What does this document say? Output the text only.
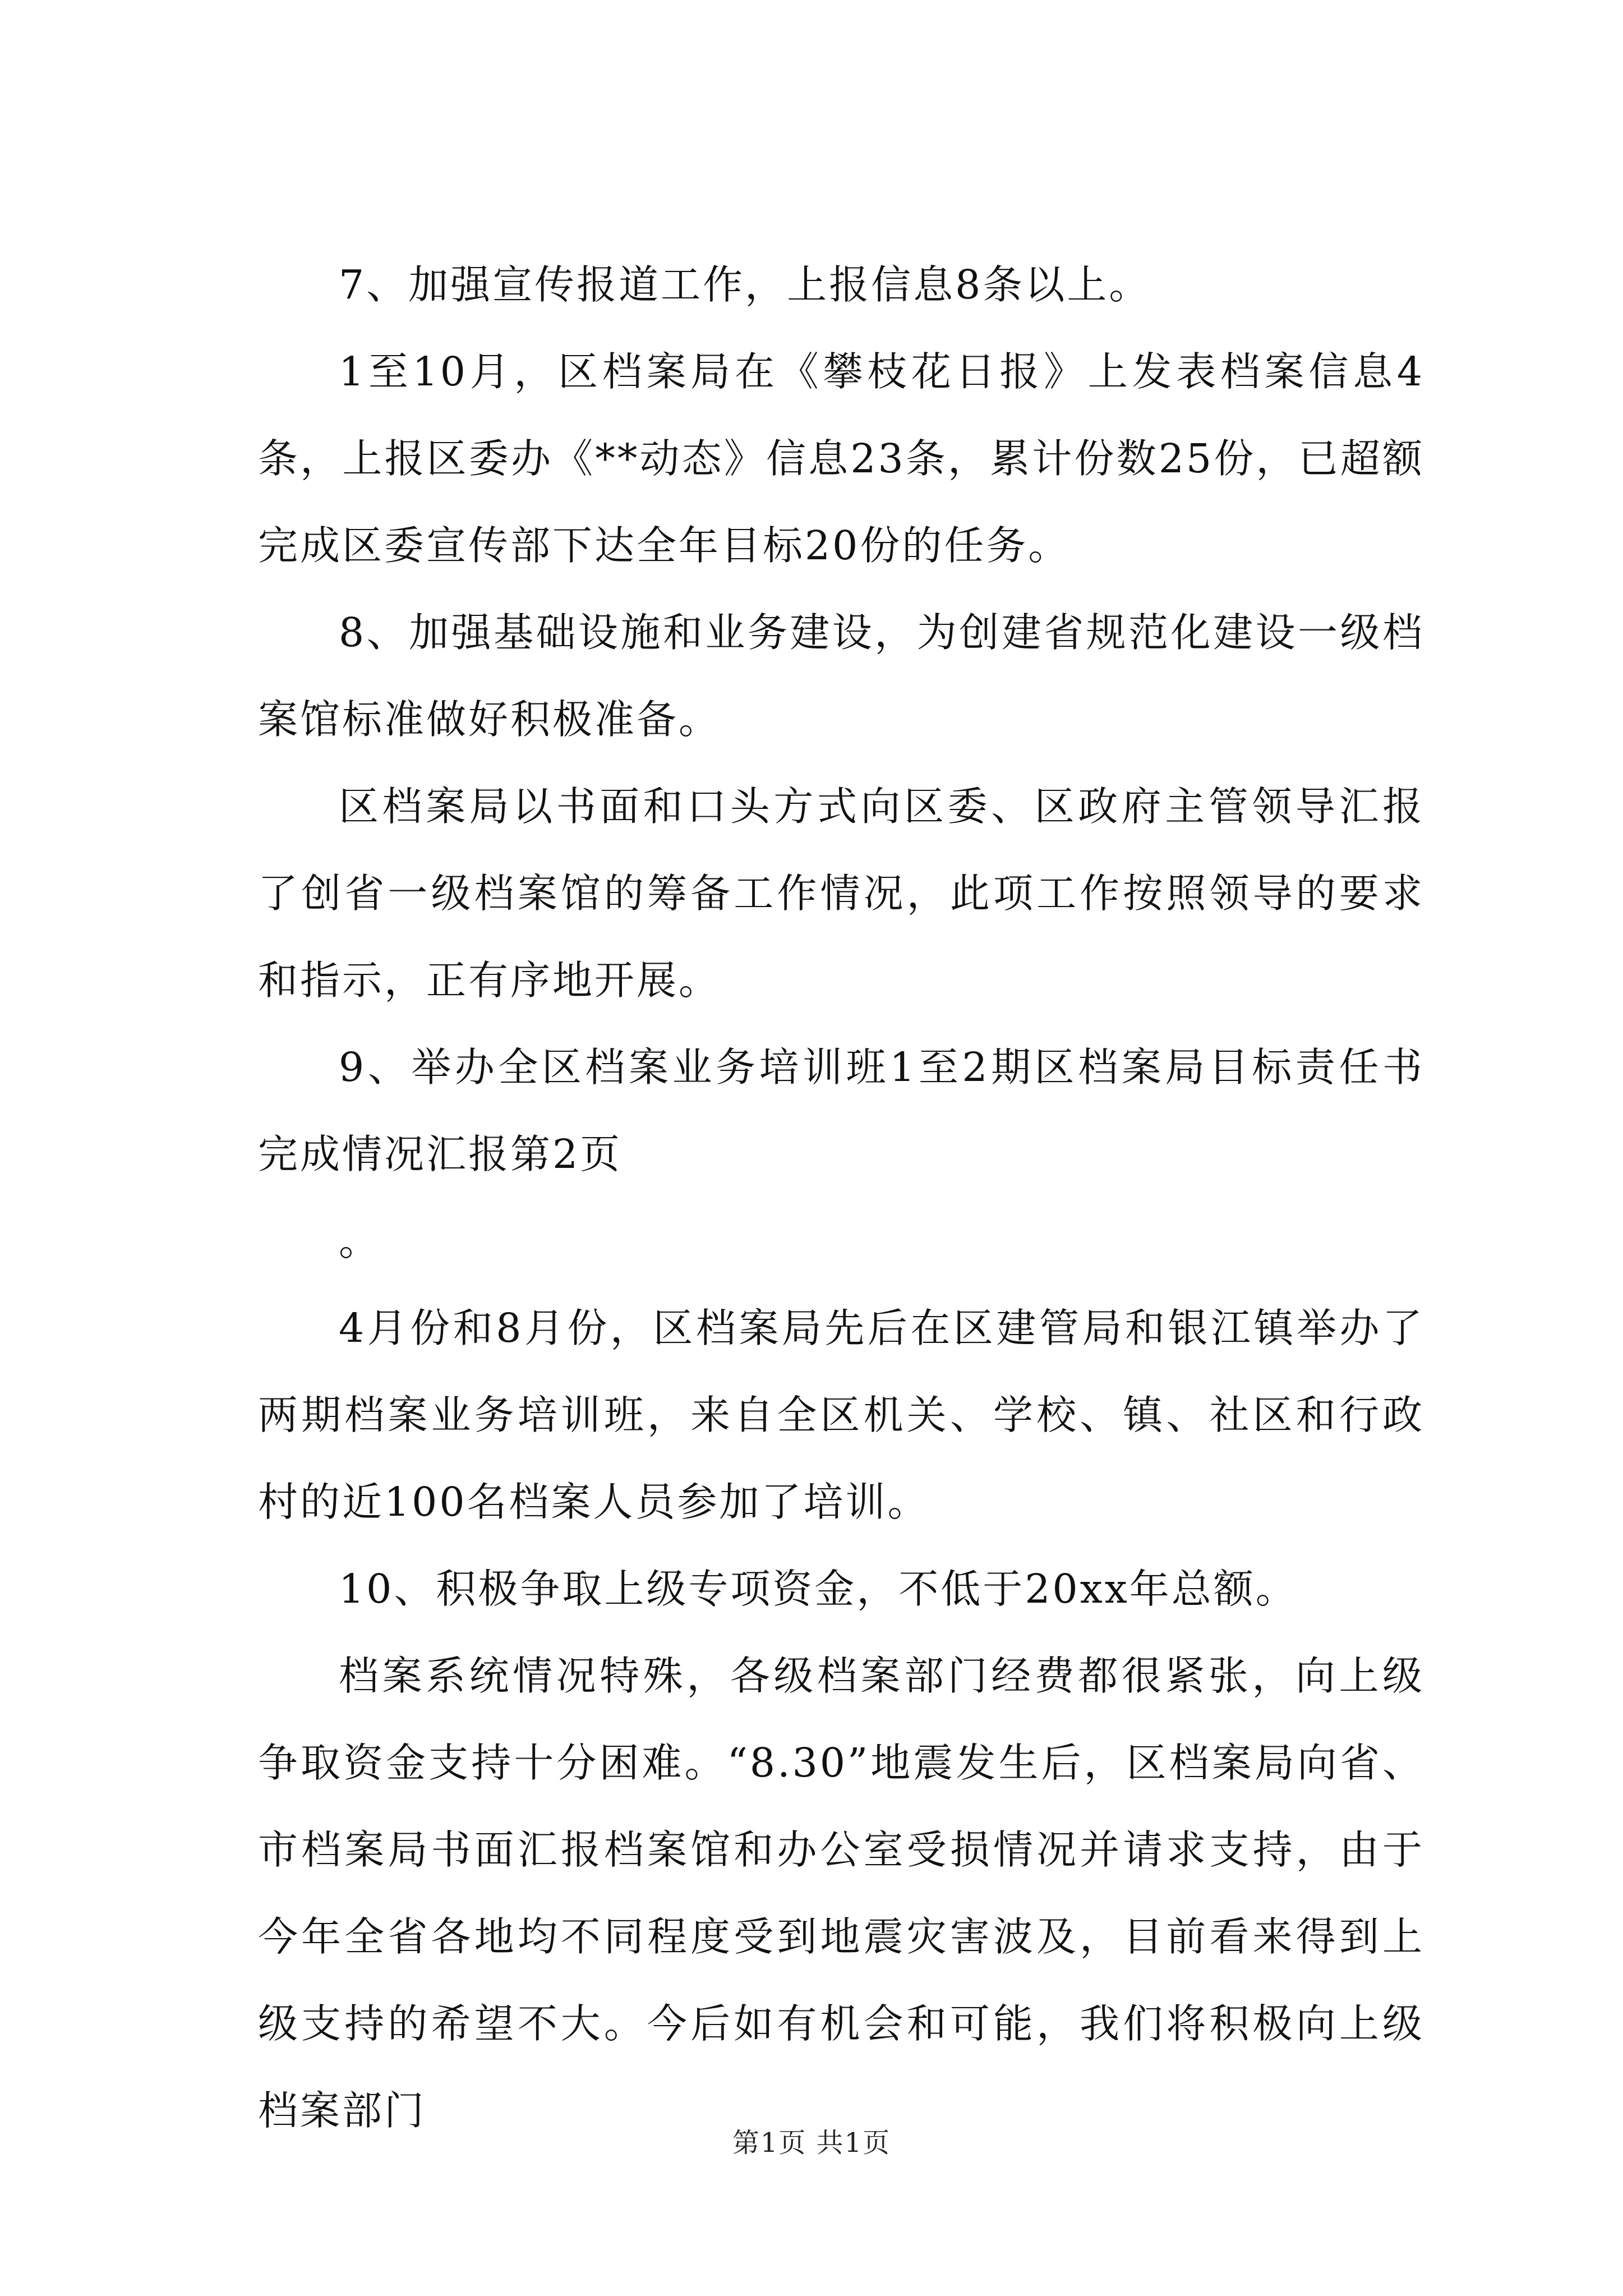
7、加强宣传报道工作，上报信息8条以上。

1至10月，区档案局在《攀枝花日报》上发表档案信息4条，上报区委办《**动态》信息23条，累计份数25份，已超额完成区委宣传部下达全年目标20份的任务。

8、加强基础设施和业务建设，为创建省规范化建设一级档案馆标准做好积极准备。

区档案局以书面和口头方式向区委、区政府主管领导汇报了创省一级档案馆的筹备工作情况，此项工作按照领导的要求和指示，正有序地开展。

9、举办全区档案业务培训班1至2期区档案局目标责任书完成情况汇报第2页

。

4月份和8月份，区档案局先后在区建管局和银江镇举办了两期档案业务培训班，来自全区机关、学校、镇、社区和行政村的近100名档案人员参加了培训。

10、积极争取上级专项资金，不低于20xx年总额。

档案系统情况特殊，各级档案部门经费都很紧张，向上级争取资金支持十分困难。“8.30”地震发生后，区档案局向省、市档案局书面汇报档案馆和办公室受损情况并请求支持，由于今年全省各地均不同程度受到地震灾害波及，目前看来得到上级支持的希望不大。今后如有机会和可能，我们将积极向上级档案部门

第1页 共1页
